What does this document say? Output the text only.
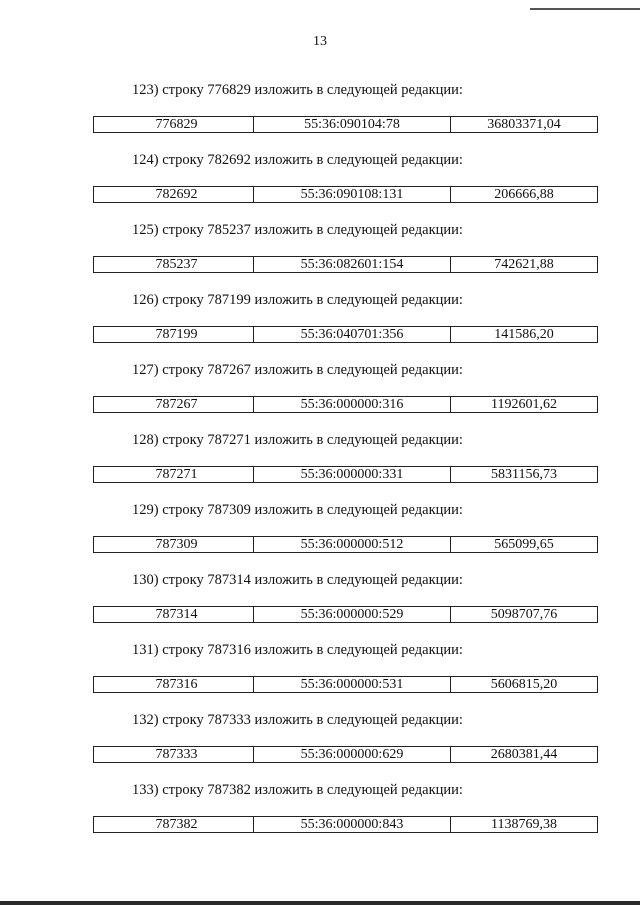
13
123) строку 776829 изложить в следующей редакции:
776829	55:36:090104:78	36803371,04
124) строку 782692 изложить в следующей редакции:
782692	55:36:090108:131	206666,88
125) строку 785237 изложить в следующей редакции:
785237	55:36:082601:154	742621,88
126) строку 787199 изложить в следующей редакции:
787199	55:36:040701:356	141586,20
127) строку 787267 изложить в следующей редакции:
787267	55:36:000000:316	1192601,62
128) строку 787271 изложить в следующей редакции:
787271	55:36:000000:331	5831156,73
129) строку 787309 изложить в следующей редакции:
787309	55:36:000000:512	565099,65
130) строку 787314 изложить в следующей редакции:
787314	55:36:000000:529	5098707,76
131) строку 787316 изложить в следующей редакции:
787316	55:36:000000:531	5606815,20
132) строку 787333 изложить в следующей редакции:
787333	55:36:000000:629	2680381,44
133) строку 787382 изложить в следующей редакции:
787382	55:36:000000:843	1138769,38
